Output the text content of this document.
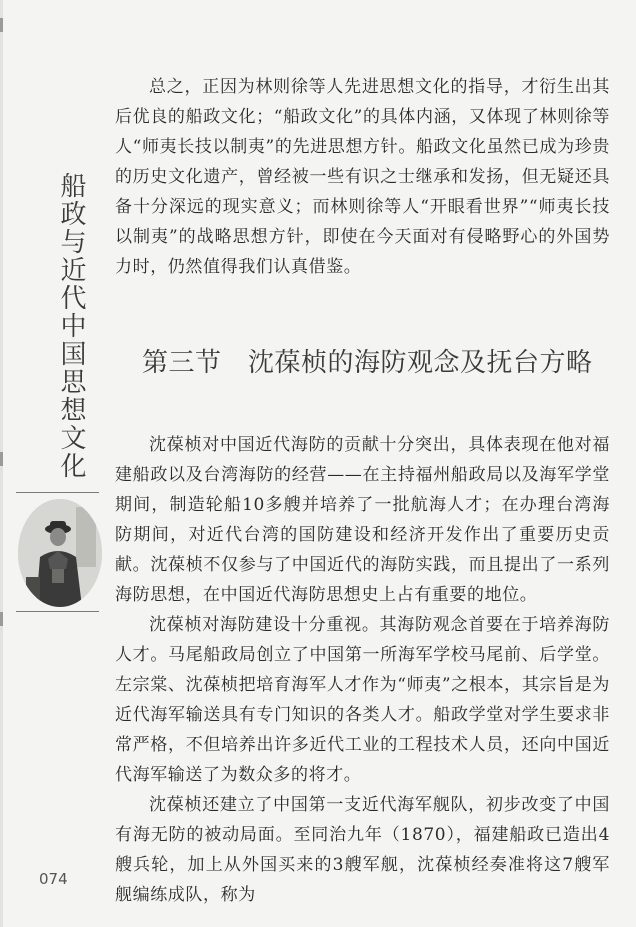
船政与近代中国思想文化

总之，正因为林则徐等人先进思想文化的指导，才衍生出其后优良的船政文化；“船政文化”的具体内涵，又体现了林则徐等人“师夷长技以制夷”的先进思想方针。船政文化虽然已成为珍贵的历史文化遗产，曾经被一些有识之士继承和发扬，但无疑还具备十分深远的现实意义；而林则徐等人“开眼看世界”“师夷长技以制夷”的战略思想方针，即使在今天面对有侵略野心的外国势力时，仍然值得我们认真借鉴。

第三节　沈葆桢的海防观念及抚台方略

沈葆桢对中国近代海防的贡献十分突出，具体表现在他对福建船政以及台湾海防的经营——在主持福州船政局以及海军学堂期间，制造轮船10多艘并培养了一批航海人才；在办理台湾海防期间，对近代台湾的国防建设和经济开发作出了重要历史贡献。沈葆桢不仅参与了中国近代的海防实践，而且提出了一系列海防思想，在中国近代海防思想史上占有重要的地位。

沈葆桢对海防建设十分重视。其海防观念首要在于培养海防人才。马尾船政局创立了中国第一所海军学校马尾前、后学堂。左宗棠、沈葆桢把培育海军人才作为“师夷”之根本，其宗旨是为近代海军输送具有专门知识的各类人才。船政学堂对学生要求非常严格，不但培养出许多近代工业的工程技术人员，还向中国近代海军输送了为数众多的将才。

沈葆桢还建立了中国第一支近代海军舰队，初步改变了中国有海无防的被动局面。至同治九年（1870），福建船政已造出4艘兵轮，加上从外国买来的3艘军舰，沈葆桢经奏准将这7艘军舰编练成队，称为

074
